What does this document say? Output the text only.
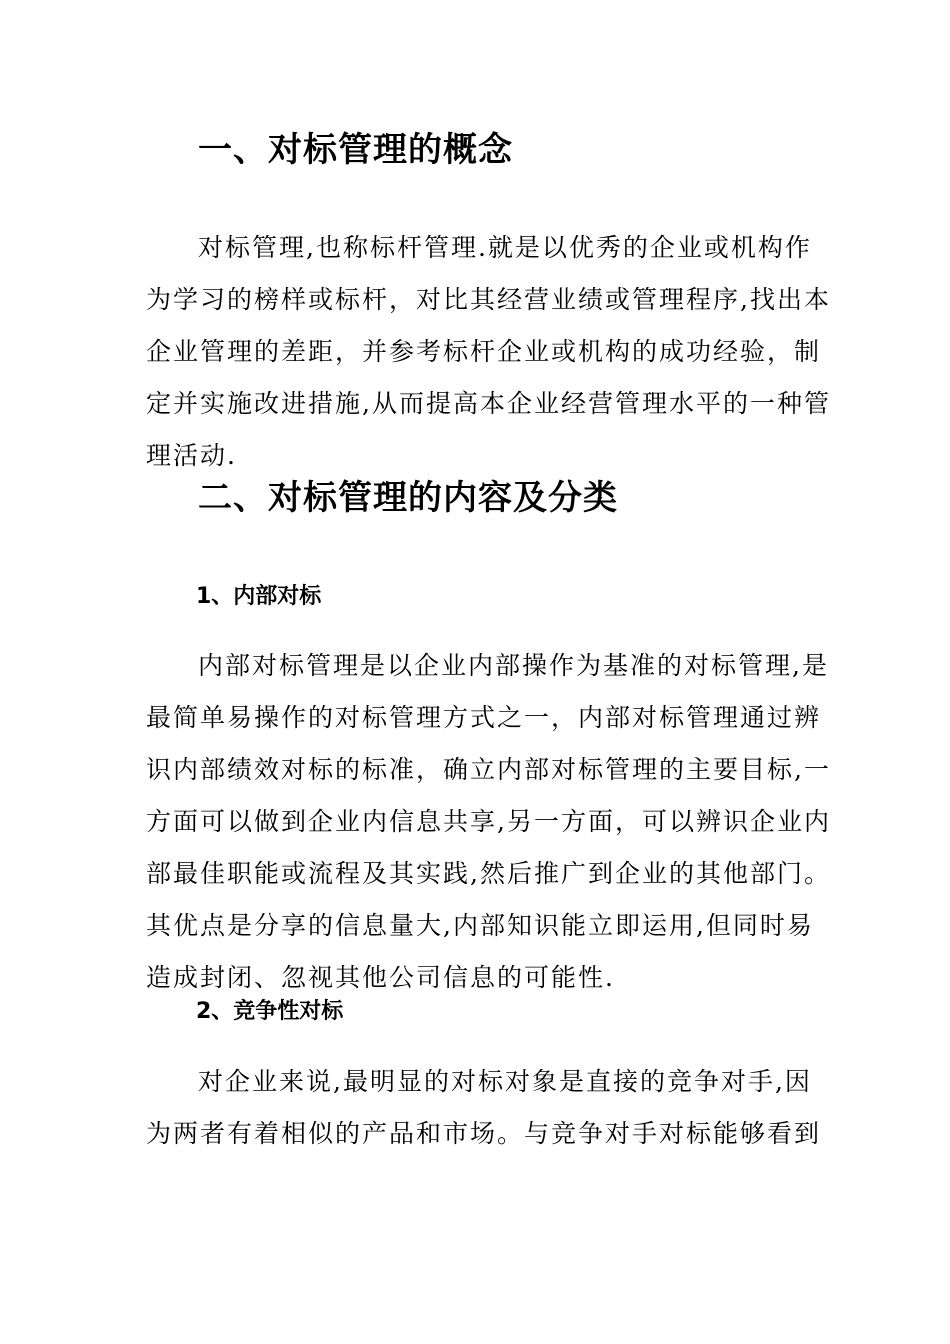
一、对标管理的概念
对标管理,也称标杆管理.就是以优秀的企业或机构作
为学习的榜样或标杆，对比其经营业绩或管理程序,找出本
企业管理的差距，并参考标杆企业或机构的成功经验，制
定并实施改进措施,从而提高本企业经营管理水平的一种管
理活动.
二、对标管理的内容及分类
1、内部对标
内部对标管理是以企业内部操作为基准的对标管理,是
最简单易操作的对标管理方式之一，内部对标管理通过辨
识内部绩效对标的标准，确立内部对标管理的主要目标,一
方面可以做到企业内信息共享,另一方面，可以辨识企业内
部最佳职能或流程及其实践,然后推广到企业的其他部门。
其优点是分享的信息量大,内部知识能立即运用,但同时易
造成封闭、忽视其他公司信息的可能性.
2、竞争性对标
对企业来说,最明显的对标对象是直接的竞争对手,因
为两者有着相似的产品和市场。与竞争对手对标能够看到
